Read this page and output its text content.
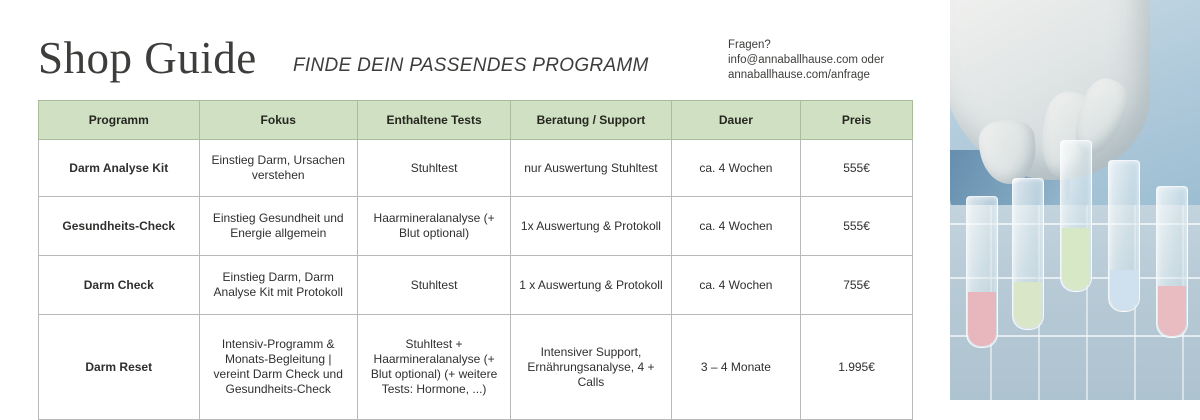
Shop Guide FINDE DEIN PASSENDES PROGRAMM
Fragen?
info@annaballhause.com oder
annaballhause.com/anfrage
Programm	Fokus	Enthaltene Tests	Beratung / Support	Dauer	Preis
Darm Analyse Kit	Einstieg Darm, Ursachen verstehen	Stuhltest	nur Auswertung Stuhltest	ca. 4 Wochen	555€
Gesundheits-Check	Einstieg Gesundheit und Energie allgemein	Haarmineralanalyse (+ Blut optional)	1x Auswertung & Protokoll	ca. 4 Wochen	555€
Darm Check	Einstieg Darm, Darm Analyse Kit mit Protokoll	Stuhltest	1 x Auswertung & Protokoll	ca. 4 Wochen	755€
Darm Reset	Intensiv-Programm & Monats-Begleitung | vereint Darm Check und Gesundheits-Check	Stuhltest + Haarmineralanalyse (+ Blut optional) (+ weitere Tests: Hormone, ...)	Intensiver Support, Ernährungsanalyse, 4 + Calls	3 – 4 Monate	1.995€
